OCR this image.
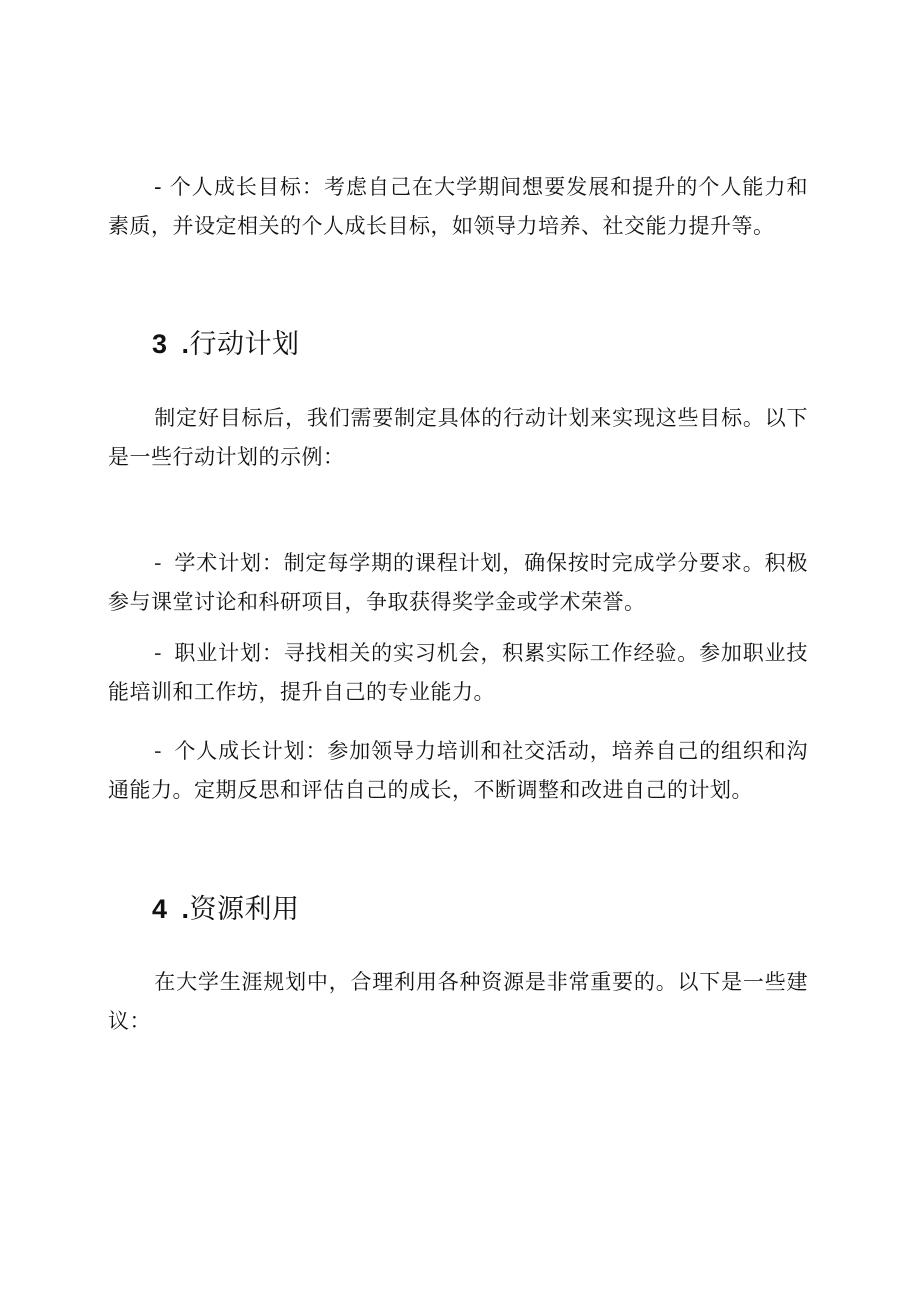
- 个人成长目标：考虑自己在大学期间想要发展和提升的个人能力和素质，并设定相关的个人成长目标，如领导力培养、社交能力提升等。

3 .行动计划

制定好目标后，我们需要制定具体的行动计划来实现这些目标。以下是一些行动计划的示例：

- 学术计划：制定每学期的课程计划，确保按时完成学分要求。积极参与课堂讨论和科研项目，争取获得奖学金或学术荣誉。

- 职业计划：寻找相关的实习机会，积累实际工作经验。参加职业技能培训和工作坊，提升自己的专业能力。

- 个人成长计划：参加领导力培训和社交活动，培养自己的组织和沟通能力。定期反思和评估自己的成长，不断调整和改进自己的计划。

4 .资源利用

在大学生涯规划中，合理利用各种资源是非常重要的。以下是一些建议：
